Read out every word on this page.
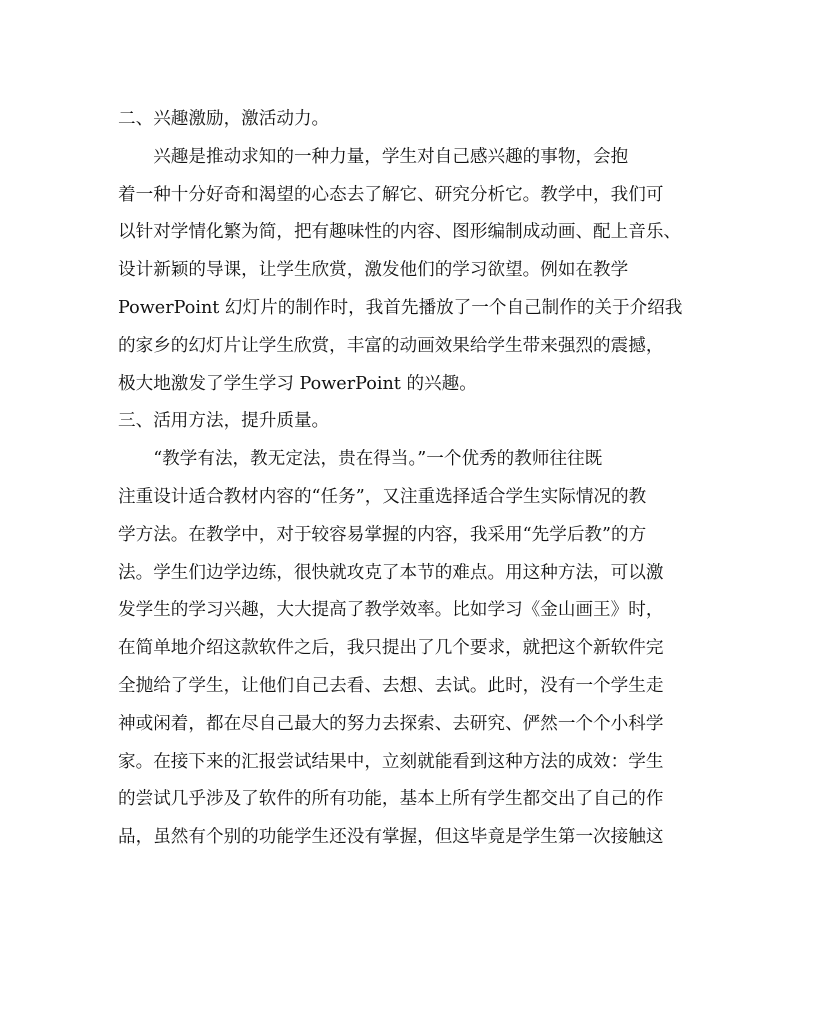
二、兴趣激励，激活动力。

兴趣是推动求知的一种力量，学生对自己感兴趣的事物，会抱
着一种十分好奇和渴望的心态去了解它、研究分析它。教学中，我们可
以针对学情化繁为简，把有趣味性的内容、图形编制成动画、配上音乐、
设计新颖的导课，让学生欣赏，激发他们的学习欲望。例如在教学
PowerPoint 幻灯片的制作时，我首先播放了一个自己制作的关于介绍我
的家乡的幻灯片让学生欣赏，丰富的动画效果给学生带来强烈的震撼，
极大地激发了学生学习 PowerPoint 的兴趣。

三、活用方法，提升质量。

“教学有法，教无定法，贵在得当。”一个优秀的教师往往既
注重设计适合教材内容的“任务”，又注重选择适合学生实际情况的教
学方法。在教学中，对于较容易掌握的内容，我采用“先学后教”的方
法。学生们边学边练，很快就攻克了本节的难点。用这种方法，可以激
发学生的学习兴趣，大大提高了教学效率。比如学习《金山画王》时，
在简单地介绍这款软件之后，我只提出了几个要求，就把这个新软件完
全抛给了学生，让他们自己去看、去想、去试。此时，没有一个学生走
神或闲着，都在尽自己最大的努力去探索、去研究、俨然一个个小科学
家。在接下来的汇报尝试结果中，立刻就能看到这种方法的成效：学生
的尝试几乎涉及了软件的所有功能，基本上所有学生都交出了自己的作
品，虽然有个别的功能学生还没有掌握，但这毕竟是学生第一次接触这
